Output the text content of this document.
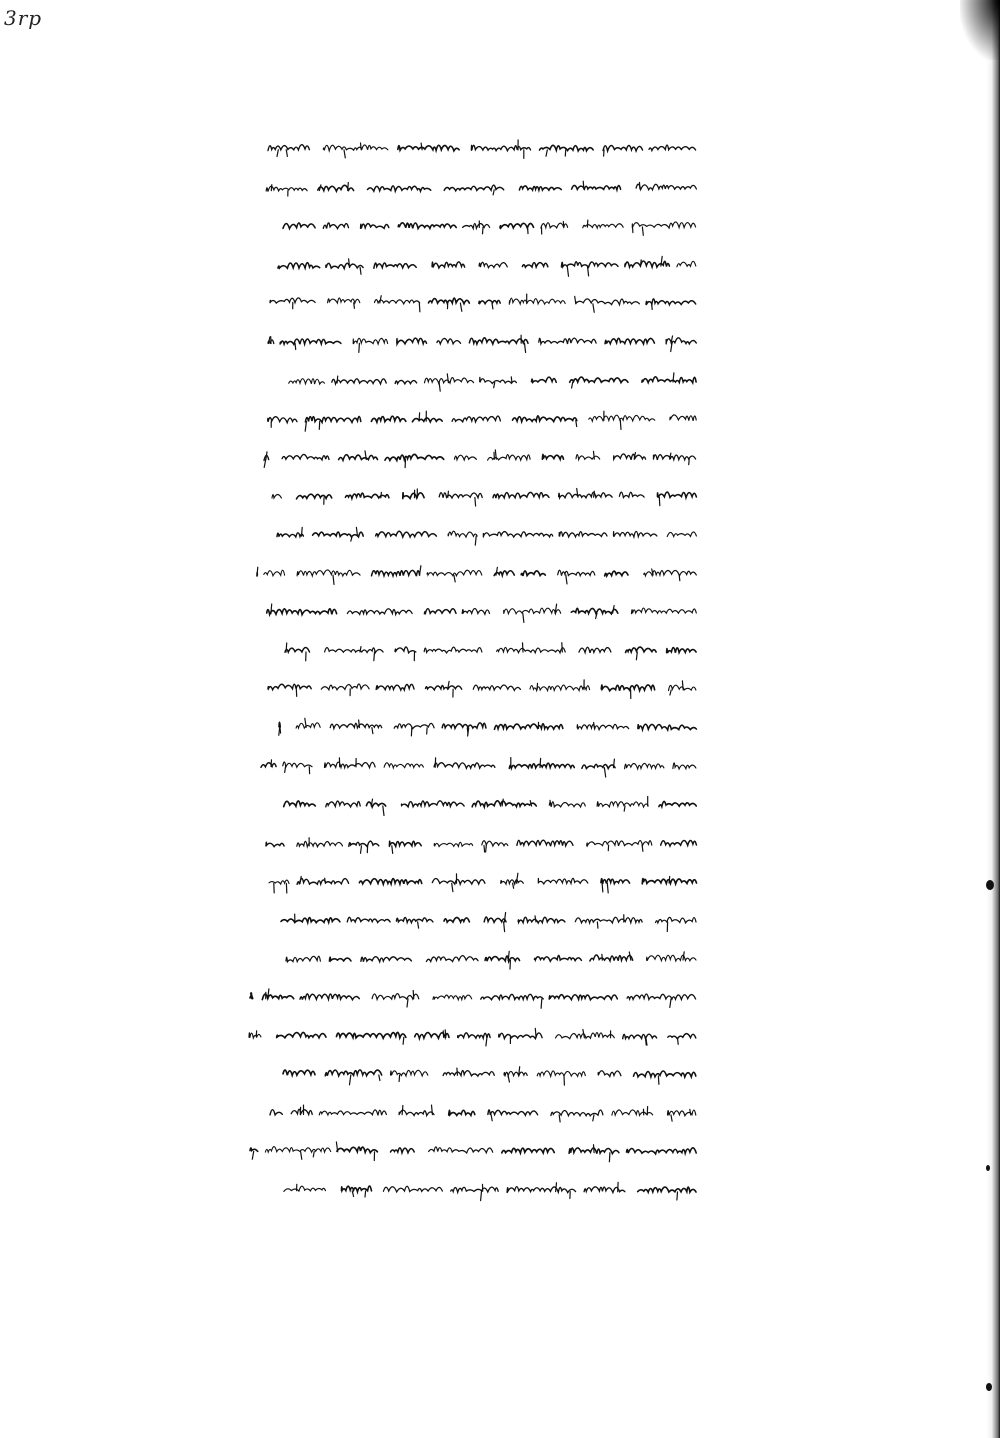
3rp
